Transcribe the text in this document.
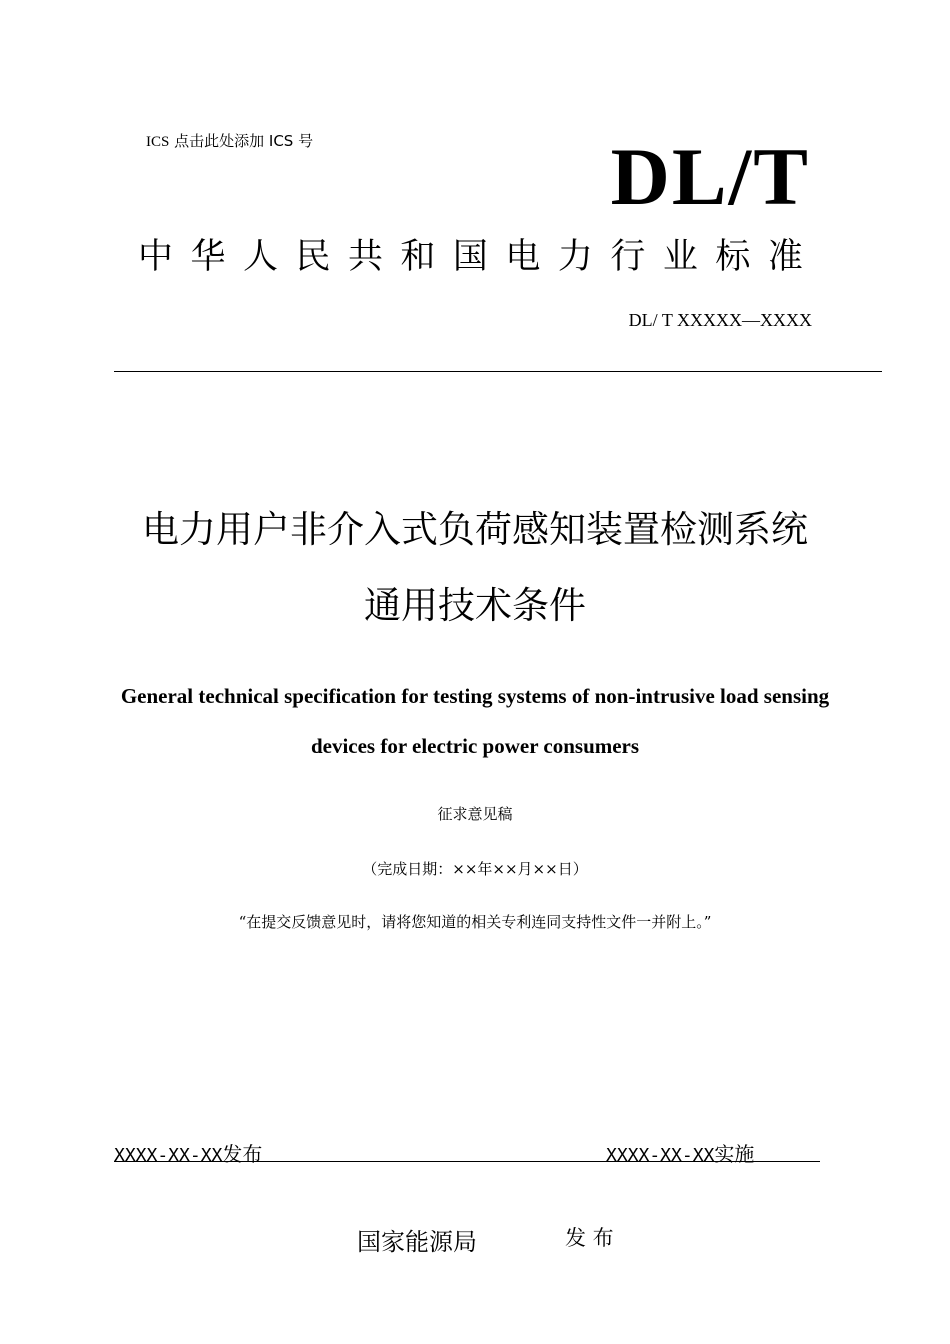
ICS 点击此处添加 ICS 号	DL/T
中 华 人 民 共 和 国 电 力 行 业 标 准
DL/ T XXXXX—XXXX
电力用户非介入式负荷感知装置检测系统
通用技术条件
General technical specification for testing systems of non-intrusive load sensing
devices for electric power consumers
征求意见稿
（完成日期：××年××月××日）
“在提交反馈意见时，请将您知道的相关专利连同支持性文件一并附上。”
XXXX-XX-XX发布	XXXX-XX-XX实施
国家能源局	发 布
